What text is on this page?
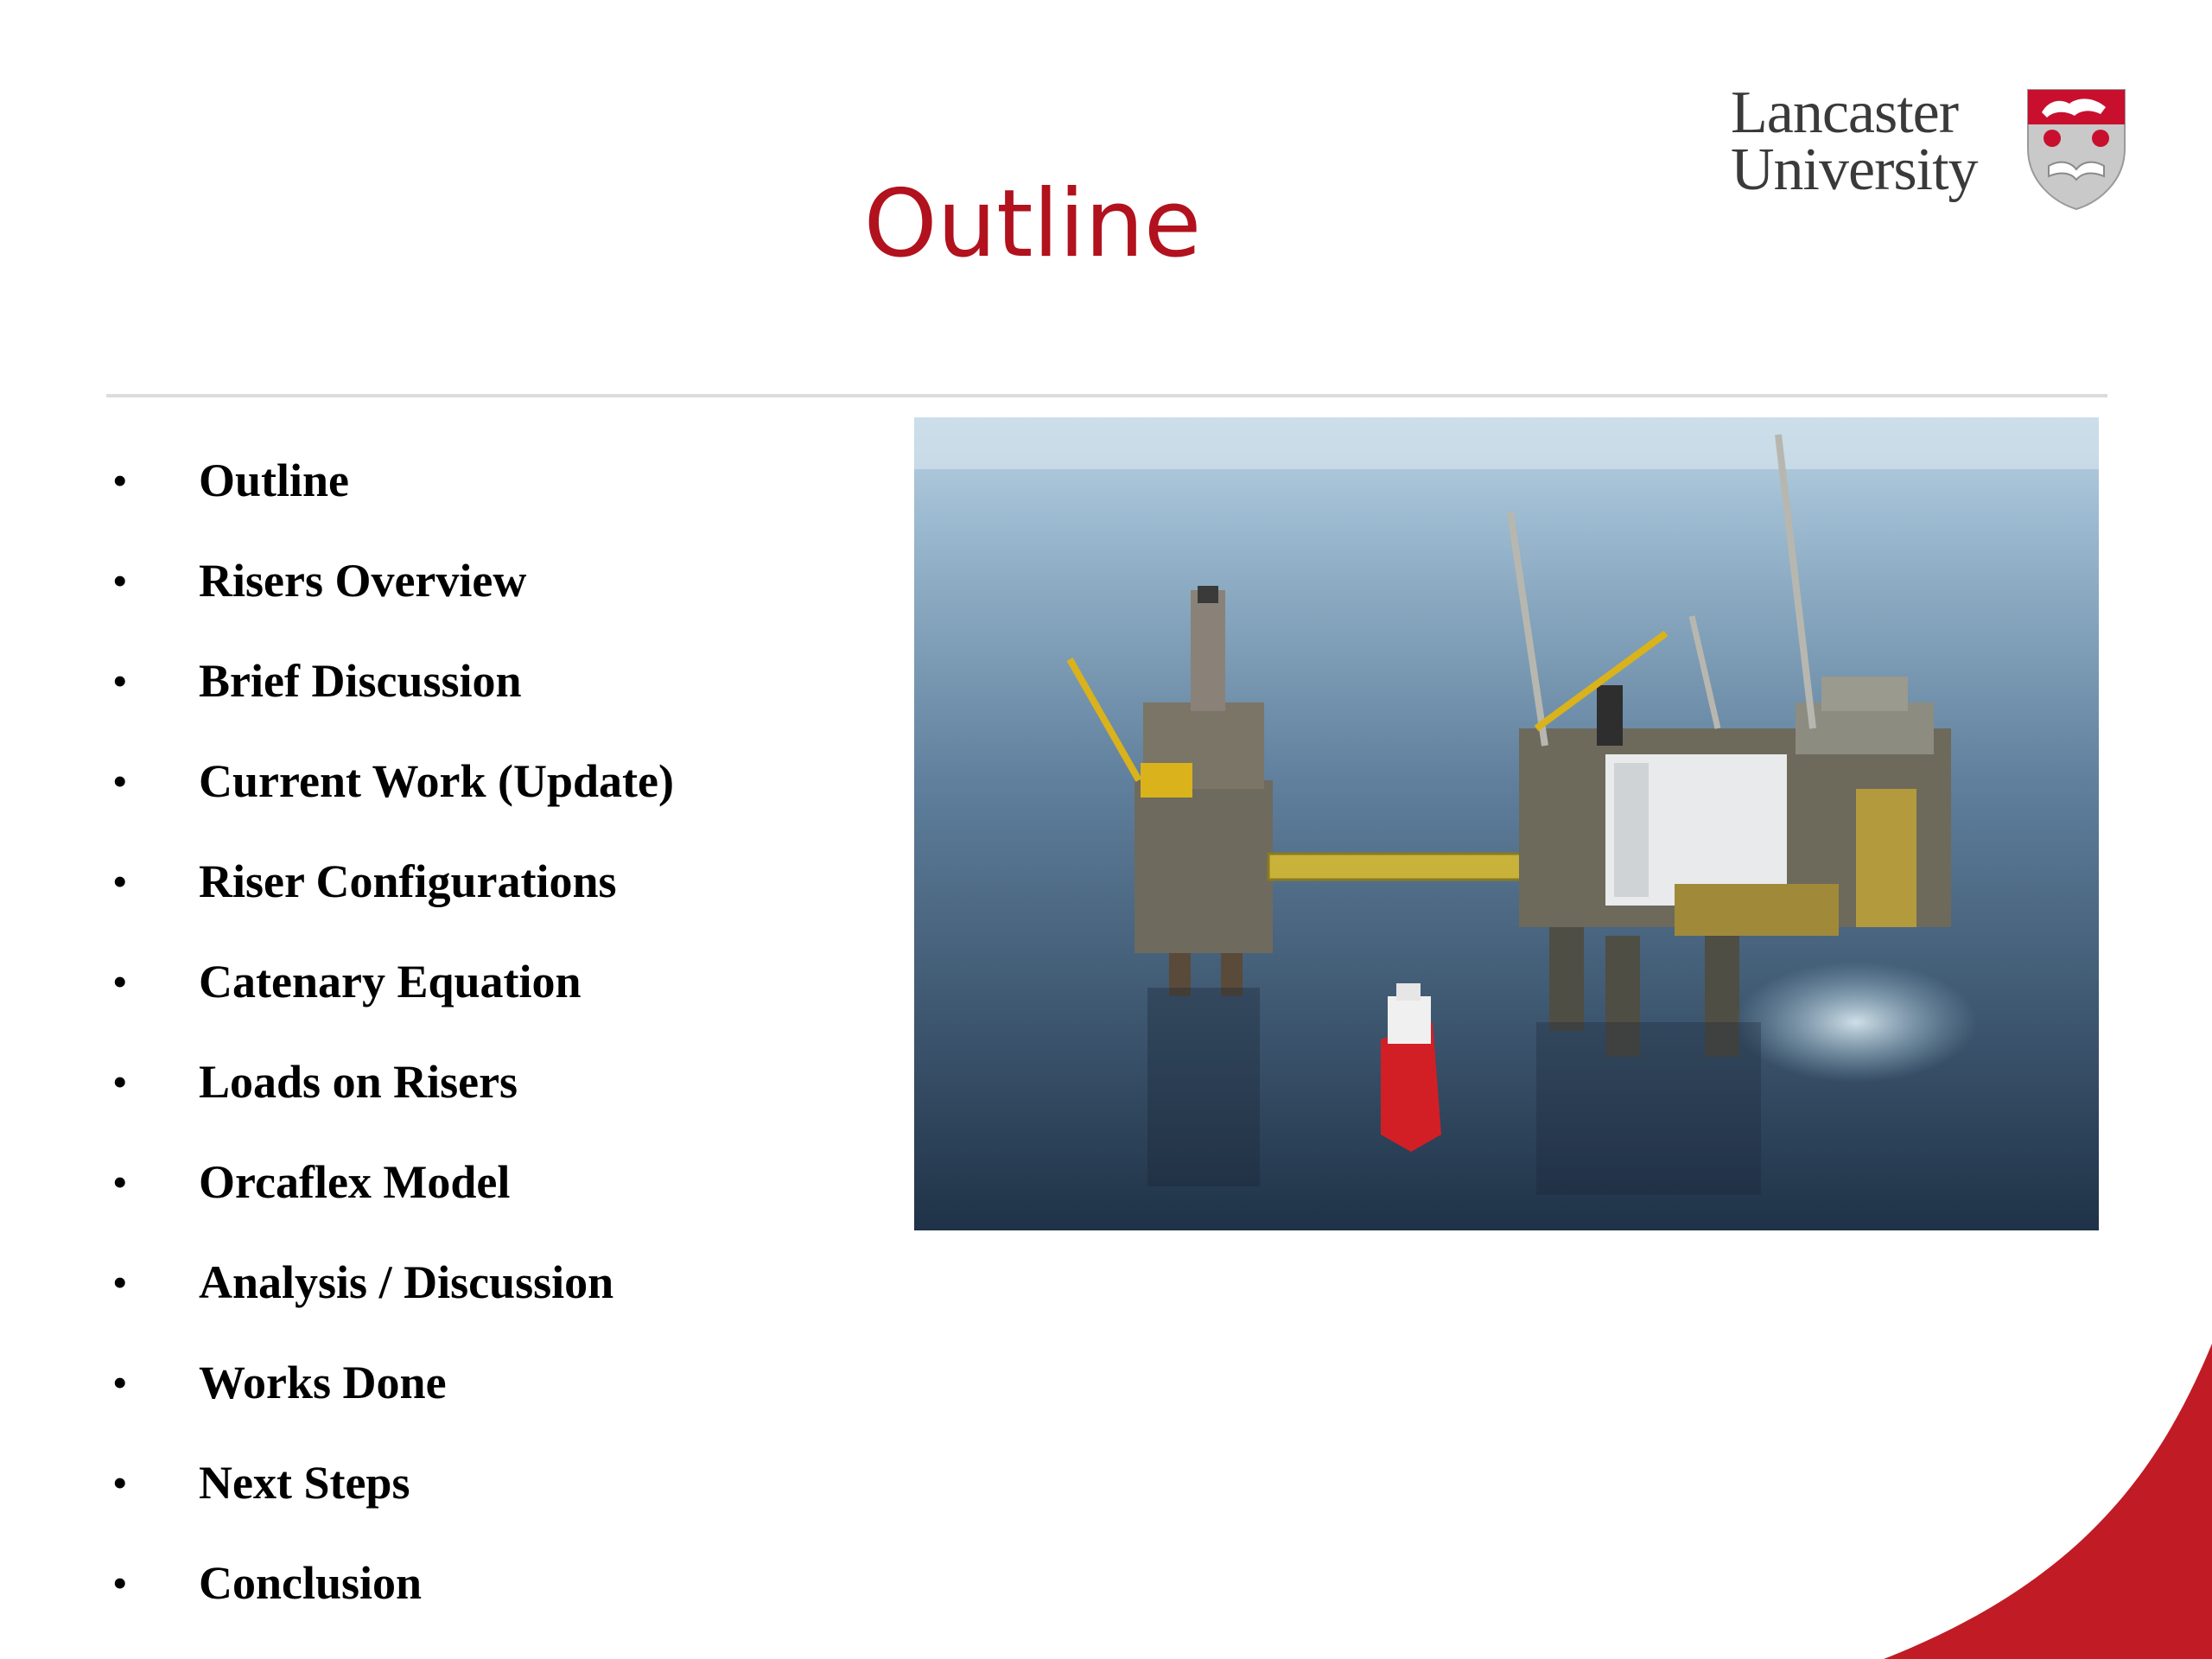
Outline
Lancaster
University
•	Outline
•	Risers Overview
•	Brief Discussion
•	Current Work (Update)
•	Riser Configurations
•	Catenary Equation
•	Loads on Risers
•	Orcaflex Model
•	Analysis / Discussion
•	Works Done
•	Next Steps
•	Conclusion
